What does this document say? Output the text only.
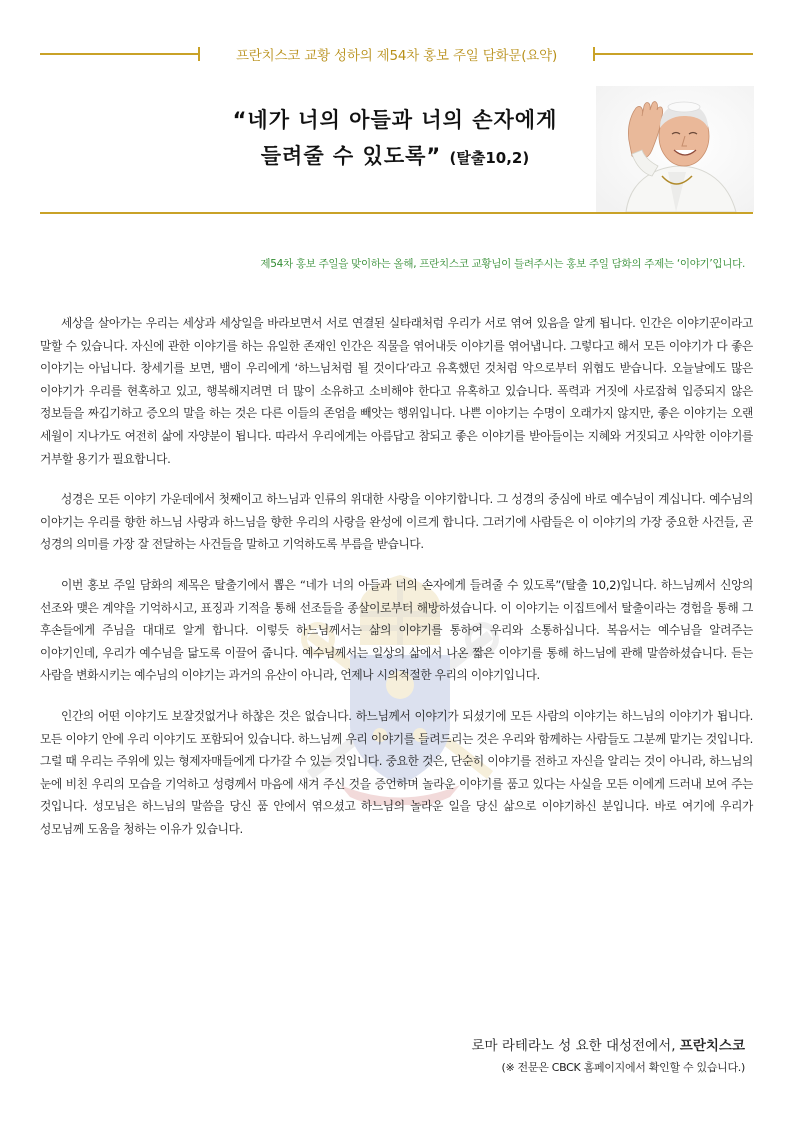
프란치스코 교황 성하의 제54차 홍보 주일 담화문(요약)
“네가 너의 아들과 너의 손자에게
들려줄 수 있도록” (탈출10,2)
제54차 홍보 주일을 맞이하는 올해, 프란치스코 교황님이 들려주시는 홍보 주일 담화의 주제는 ‘이야기’입니다.

세상을 살아가는 우리는 세상과 세상일을 바라보면서 서로 연결된 실타래처럼 우리가 서로 엮여 있음을 알게 됩니다. 인간은 이야기꾼이라고 말할 수 있습니다. 자신에 관한 이야기를 하는 유일한 존재인 인간은 직물을 엮어내듯 이야기를 엮어냅니다. 그렇다고 해서 모든 이야기가 다 좋은 이야기는 아닙니다. 창세기를 보면, 뱀이 우리에게 ‘하느님처럼 될 것이다’라고 유혹했던 것처럼 악으로부터 위협도 받습니다. 오늘날에도 많은 이야기가 우리를 현혹하고 있고, 행복해지려면 더 많이 소유하고 소비해야 한다고 유혹하고 있습니다. 폭력과 거짓에 사로잡혀 입증되지 않은 정보들을 짜깁기하고 증오의 말을 하는 것은 다른 이들의 존엄을 빼앗는 행위입니다. 나쁜 이야기는 수명이 오래가지 않지만, 좋은 이야기는 오랜 세월이 지나가도 여전히 삶에 자양분이 됩니다. 따라서 우리에게는 아름답고 참되고 좋은 이야기를 받아들이는 지혜와 거짓되고 사악한 이야기를 거부할 용기가 필요합니다.

성경은 모든 이야기 가운데에서 첫째이고 하느님과 인류의 위대한 사랑을 이야기합니다. 그 성경의 중심에 바로 예수님이 계십니다. 예수님의 이야기는 우리를 향한 하느님 사랑과 하느님을 향한 우리의 사랑을 완성에 이르게 합니다. 그러기에 사람들은 이 이야기의 가장 중요한 사건들, 곧 성경의 의미를 가장 잘 전달하는 사건들을 말하고 기억하도록 부름을 받습니다.

이번 홍보 주일 담화의 제목은 탈출기에서 뽑은 “네가 너의 아들과 너의 손자에게 들려줄 수 있도록”(탈출 10,2)입니다. 하느님께서 신앙의 선조와 맺은 계약을 기억하시고, 표징과 기적을 통해 선조들을 종살이로부터 해방하셨습니다. 이 이야기는 이집트에서 탈출이라는 경험을 통해 그 후손들에게 주님을 대대로 알게 합니다. 이렇듯 하느님께서는 삶의 이야기를 통하여 우리와 소통하십니다. 복음서는 예수님을 알려주는 이야기인데, 우리가 예수님을 닮도록 이끌어 줍니다. 예수님께서는 일상의 삶에서 나온 짧은 이야기를 통해 하느님에 관해 말씀하셨습니다. 듣는 사람을 변화시키는 예수님의 이야기는 과거의 유산이 아니라, 언제나 시의적절한 우리의 이야기입니다.

인간의 어떤 이야기도 보잘것없거나 하찮은 것은 없습니다. 하느님께서 이야기가 되셨기에 모든 사람의 이야기는 하느님의 이야기가 됩니다. 모든 이야기 안에 우리 이야기도 포함되어 있습니다. 하느님께 우리 이야기를 들려드리는 것은 우리와 함께하는 사람들도 그분께 맡기는 것입니다. 그럴 때 우리는 주위에 있는 형제자매들에게 다가갈 수 있는 것입니다. 중요한 것은, 단순히 이야기를 전하고 자신을 알리는 것이 아니라, 하느님의 눈에 비친 우리의 모습을 기억하고 성령께서 마음에 새겨 주신 것을 증언하며 놀라운 이야기를 품고 있다는 사실을 모든 이에게 드러내 보여 주는 것입니다. 성모님은 하느님의 말씀을 당신 품 안에서 엮으셨고 하느님의 놀라운 일을 당신 삶으로 이야기하신 분입니다. 바로 여기에 우리가 성모님께 도움을 청하는 이유가 있습니다.

로마 라테라노 성 요한 대성전에서, 프란치스코
(※ 전문은 CBCK 홈페이지에서 확인할 수 있습니다.)
